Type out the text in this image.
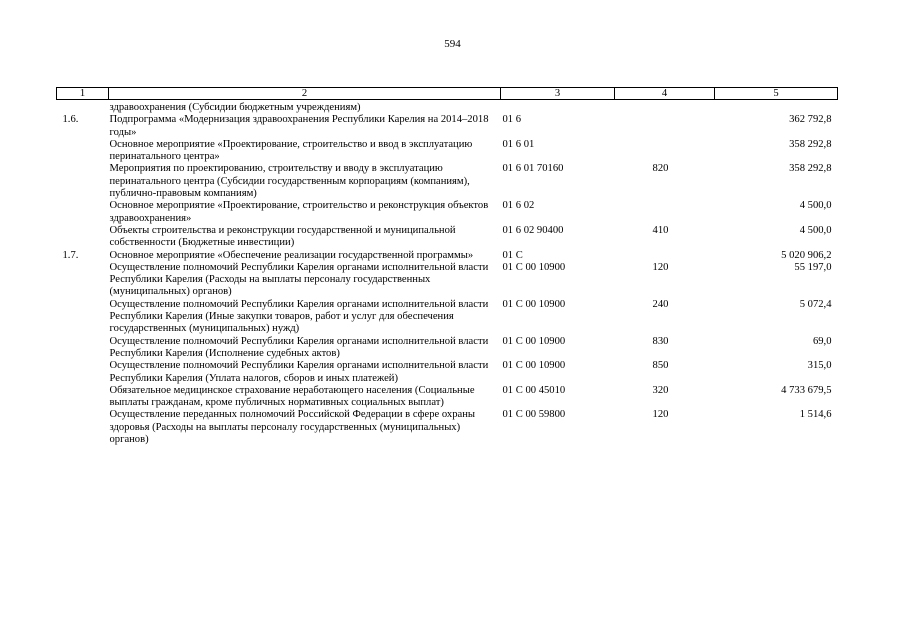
594
1	2	3	4	5
	здравоохранения (Субсидии бюджетным учреждениям)			
1.6.	Подпрограмма «Модернизация здравоохранения Республики Карелия на 2014–2018 годы»	01 6		362 792,8
	Основное мероприятие «Проектирование, строительство и ввод в эксплуатацию перинатального центра»	01 6 01		358 292,8
	Мероприятия по проектированию, строительству и вводу в эксплуатацию перинатального центра (Субсидии государственным корпорациям (компаниям), публично-правовым компаниям)	01 6 01 70160	820	358 292,8
	Основное мероприятие «Проектирование, строительство и реконструкция объектов здравоохранения»	01 6 02		4 500,0
	Объекты строительства и реконструкции государственной и муниципальной собственности (Бюджетные инвестиции)	01 6 02 90400	410	4 500,0
1.7.	Основное мероприятие «Обеспечение реализации государственной программы»	01 С		5 020 906,2
	Осуществление полномочий Республики Карелия органами исполнительной власти Республики Карелия (Расходы на выплаты персоналу государственных (муниципальных) органов)	01 С 00 10900	120	55 197,0
	Осуществление полномочий Республики Карелия органами исполнительной власти Республики Карелия (Иные закупки товаров, работ и услуг для обеспечения государственных (муниципальных) нужд)	01 С 00 10900	240	5 072,4
	Осуществление полномочий Республики Карелия органами исполнительной власти Республики Карелия (Исполнение судебных актов)	01 С 00 10900	830	69,0
	Осуществление полномочий Республики Карелия органами исполнительной власти Республики Карелия (Уплата налогов, сборов и иных платежей)	01 С 00 10900	850	315,0
	Обязательное медицинское страхование неработающего населения (Социальные выплаты гражданам, кроме публичных нормативных социальных выплат)	01 С 00 45010	320	4 733 679,5
	Осуществление переданных полномочий Российской Федерации в сфере охраны здоровья (Расходы на выплаты персоналу государственных (муниципальных) органов)	01 С 00 59800	120	1 514,6
